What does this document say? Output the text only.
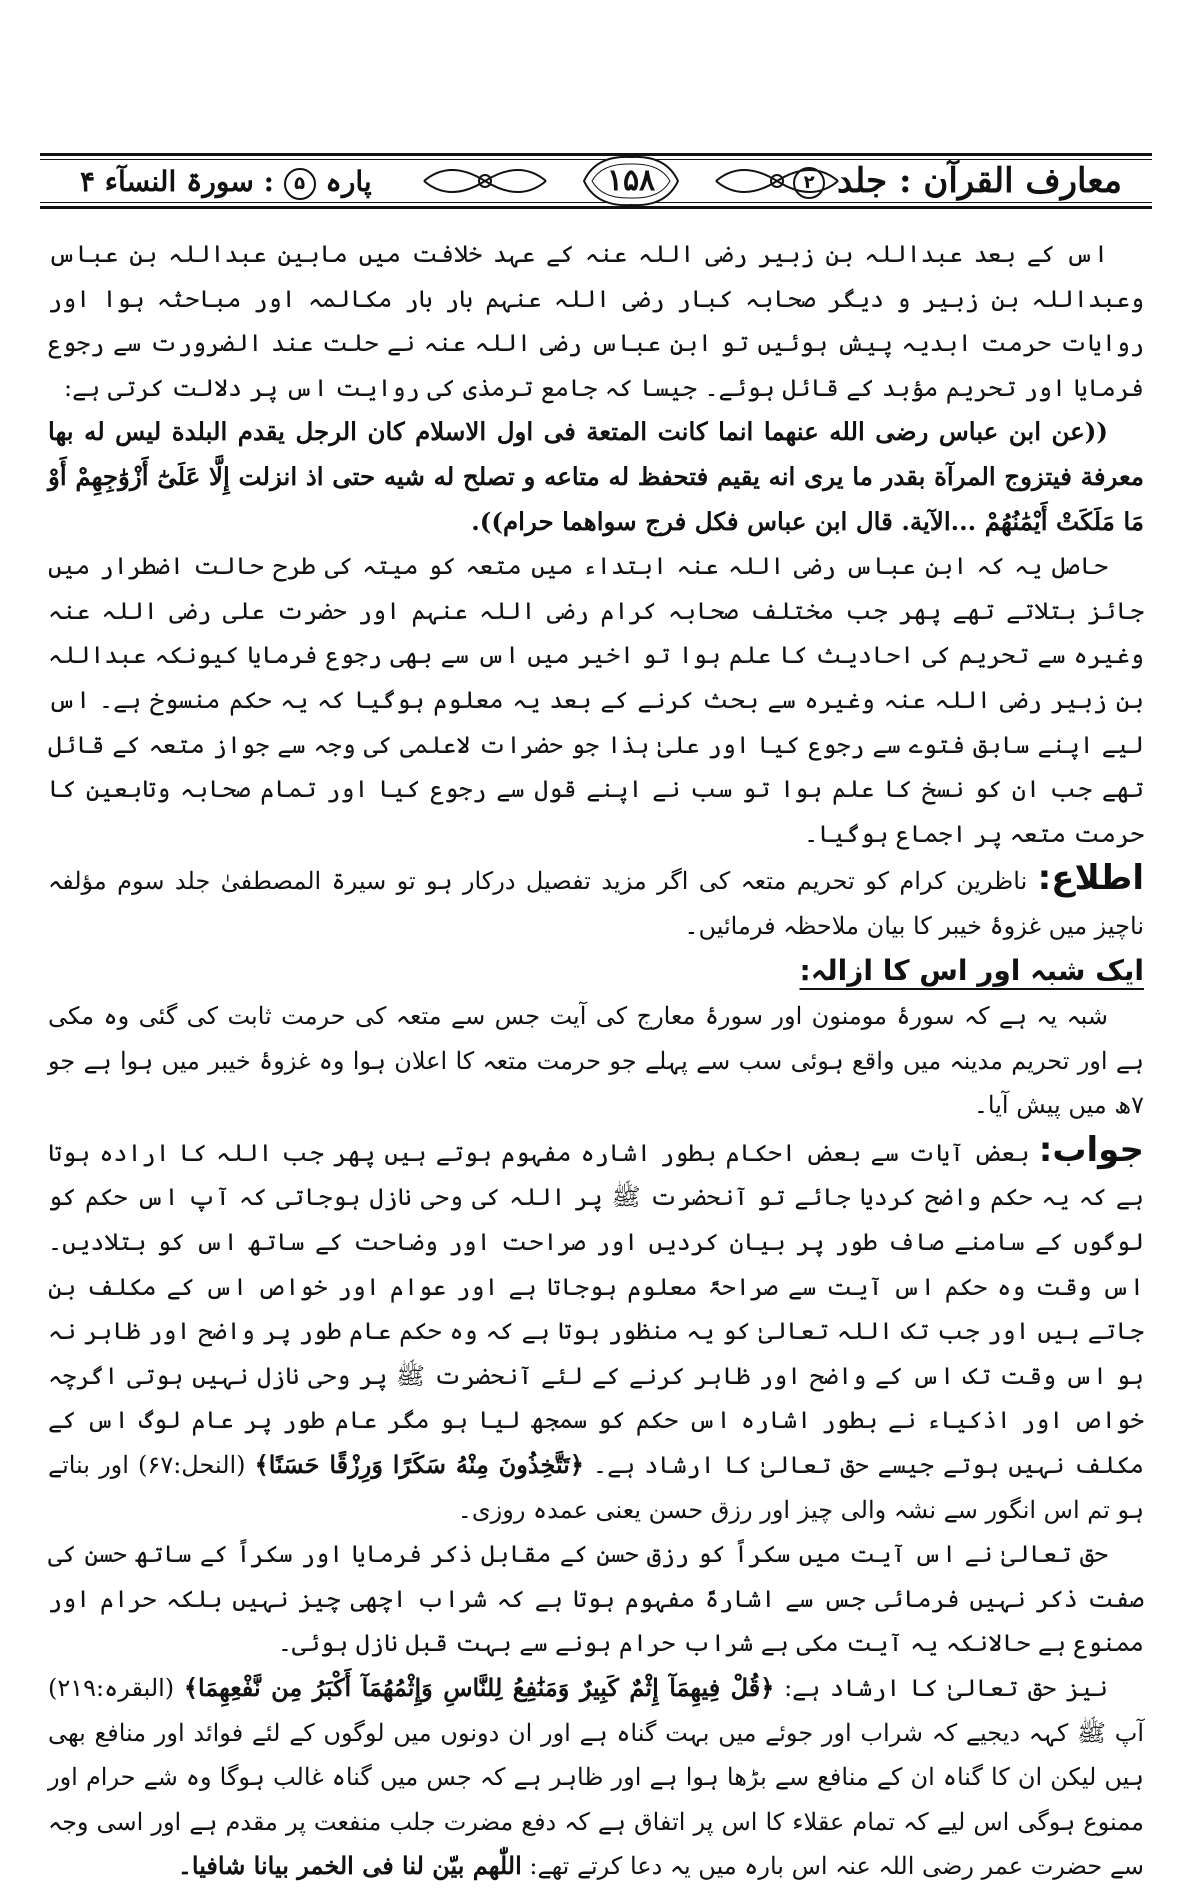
معارف القرآن : جلد ۲
۱۵۸
پارہ ۵ : سورۃ النسآء ۴

اس کے بعد عبداللہ بن زبیر رضی اللہ عنہ کے عہد خلافت میں مابین عبداللہ بن عباس وعبداللہ بن زبیر و دیگر صحابہ کبار رضی اللہ عنہم بار بار مکالمہ اور مباحثہ ہوا اور روایات حرمت ابدیہ پیش ہوئیں تو ابن عباس رضی اللہ عنہ نے حلت عند الضرورت سے رجوع فرمایا اور تحریم مؤبد کے قائل ہوئے۔ جیسا کہ جامع ترمذی کی روایت اس پر دلالت کرتی ہے:

((عن ابن عباس رضى الله عنهما انما كانت المتعة فى اول الاسلام كان الرجل يقدم البلدة ليس له بها معرفة فيتزوج المرآة بقدر ما يرى انه يقيم فتحفظ له متاعه و تصلح له شيه حتى اذ انزلت إِلَّا عَلَىٰٓ أَزْوَٰجِهِمْ أَوْ مَا مَلَكَتْ أَيْمَٰنُهُمْ ...الآية. قال ابن عباس فكل فرج سواهما حرام)).

حاصل یہ کہ ابن عباس رضی اللہ عنہ ابتداء میں متعہ کو میتہ کی طرح حالت اضطرار میں جائز بتلاتے تھے پھر جب مختلف صحابہ کرام رضی اللہ عنہم اور حضرت علی رضی اللہ عنہ وغیرہ سے تحریم کی احادیث کا علم ہوا تو اخیر میں اس سے بھی رجوع فرمایا کیونکہ عبداللہ بن زبیر رضی اللہ عنہ وغیرہ سے بحث کرنے کے بعد یہ معلوم ہوگیا کہ یہ حکم منسوخ ہے۔ اس لیے اپنے سابق فتوے سے رجوع کیا اور علیٰ ہذا جو حضرات لاعلمی کی وجہ سے جواز متعہ کے قائل تھے جب ان کو نسخ کا علم ہوا تو سب نے اپنے قول سے رجوع کیا اور تمام صحابہ وتابعین کا حرمت متعہ پر اجماع ہوگیا۔

اطلاع: ناظرین کرام کو تحریم متعہ کی اگر مزید تفصیل درکار ہو تو سیرۃ المصطفیٰ جلد سوم مؤلفہ ناچیز میں غزوۂ خیبر کا بیان ملاحظہ فرمائیں۔

ایک شبہ اور اس کا ازالہ:

شبہ یہ ہے کہ سورۂ مومنون اور سورۂ معارج کی آیت جس سے متعہ کی حرمت ثابت کی گئی وہ مکی ہے اور تحریم مدینہ میں واقع ہوئی سب سے پہلے جو حرمت متعہ کا اعلان ہوا وہ غزوۂ خیبر میں ہوا ہے جو ۷ھ میں پیش آیا۔

جواب: بعض آیات سے بعض احکام بطور اشارہ مفہوم ہوتے ہیں پھر جب اللہ کا ارادہ ہوتا ہے کہ یہ حکم واضح کردیا جائے تو آنحضرت ﷺ پر اللہ کی وحی نازل ہوجاتی کہ آپ اس حکم کو لوگوں کے سامنے صاف طور پر بیان کردیں اور صراحت اور وضاحت کے ساتھ اس کو بتلادیں۔ اس وقت وہ حکم اس آیت سے صراحۃً معلوم ہوجاتا ہے اور عوام اور خواص اس کے مکلف بن جاتے ہیں اور جب تک اللہ تعالیٰ کو یہ منظور ہوتا ہے کہ وہ حکم عام طور پر واضح اور ظاہر نہ ہو اس وقت تک اس کے واضح اور ظاہر کرنے کے لئے آنحضرت ﷺ پر وحی نازل نہیں ہوتی اگرچہ خواص اور اذکیاء نے بطور اشارہ اس حکم کو سمجھ لیا ہو مگر عام طور پر عام لوگ اس کے مکلف نہیں ہوتے جیسے حق تعالیٰ کا ارشاد ہے۔ ﴿تَتَّخِذُونَ مِنْهُ سَكَرًا وَرِزْقًا حَسَنًا﴾ (النحل:۶۷) اور بناتے ہو تم اس انگور سے نشہ والی چیز اور رزق حسن یعنی عمدہ روزی۔

حق تعالیٰ نے اس آیت میں سکراً کو رزق حسن کے مقابل ذکر فرمایا اور سکراً کے ساتھ حسن کی صفت ذکر نہیں فرمائی جس سے اشارۃً مفہوم ہوتا ہے کہ شراب اچھی چیز نہیں بلکہ حرام اور ممنوع ہے حالانکہ یہ آیت مکی ہے شراب حرام ہونے سے بہت قبل نازل ہوئی۔

نیز حق تعالیٰ کا ارشاد ہے: ﴿قُلْ فِيهِمَآ إِثْمٌ كَبِيرٌ وَمَنَٰفِعُ لِلنَّاسِ وَإِثْمُهُمَآ أَكْبَرُ مِن نَّفْعِهِمَا﴾ (البقرہ:۲۱۹) آپ ﷺ کہہ دیجیے کہ شراب اور جوئے میں بہت گناہ ہے اور ان دونوں میں لوگوں کے لئے فوائد اور منافع بھی ہیں لیکن ان کا گناہ ان کے منافع سے بڑھا ہوا ہے اور ظاہر ہے کہ جس میں گناہ غالب ہوگا وہ شے حرام اور ممنوع ہوگی اس لیے کہ تمام عقلاء کا اس پر اتفاق ہے کہ دفع مضرت جلب منفعت پر مقدم ہے اور اسی وجہ سے حضرت عمر رضی اللہ عنہ اس بارہ میں یہ دعا کرتے تھے: اللّٰهم بيّن لنا فى الخمر بيانا شافيا۔
